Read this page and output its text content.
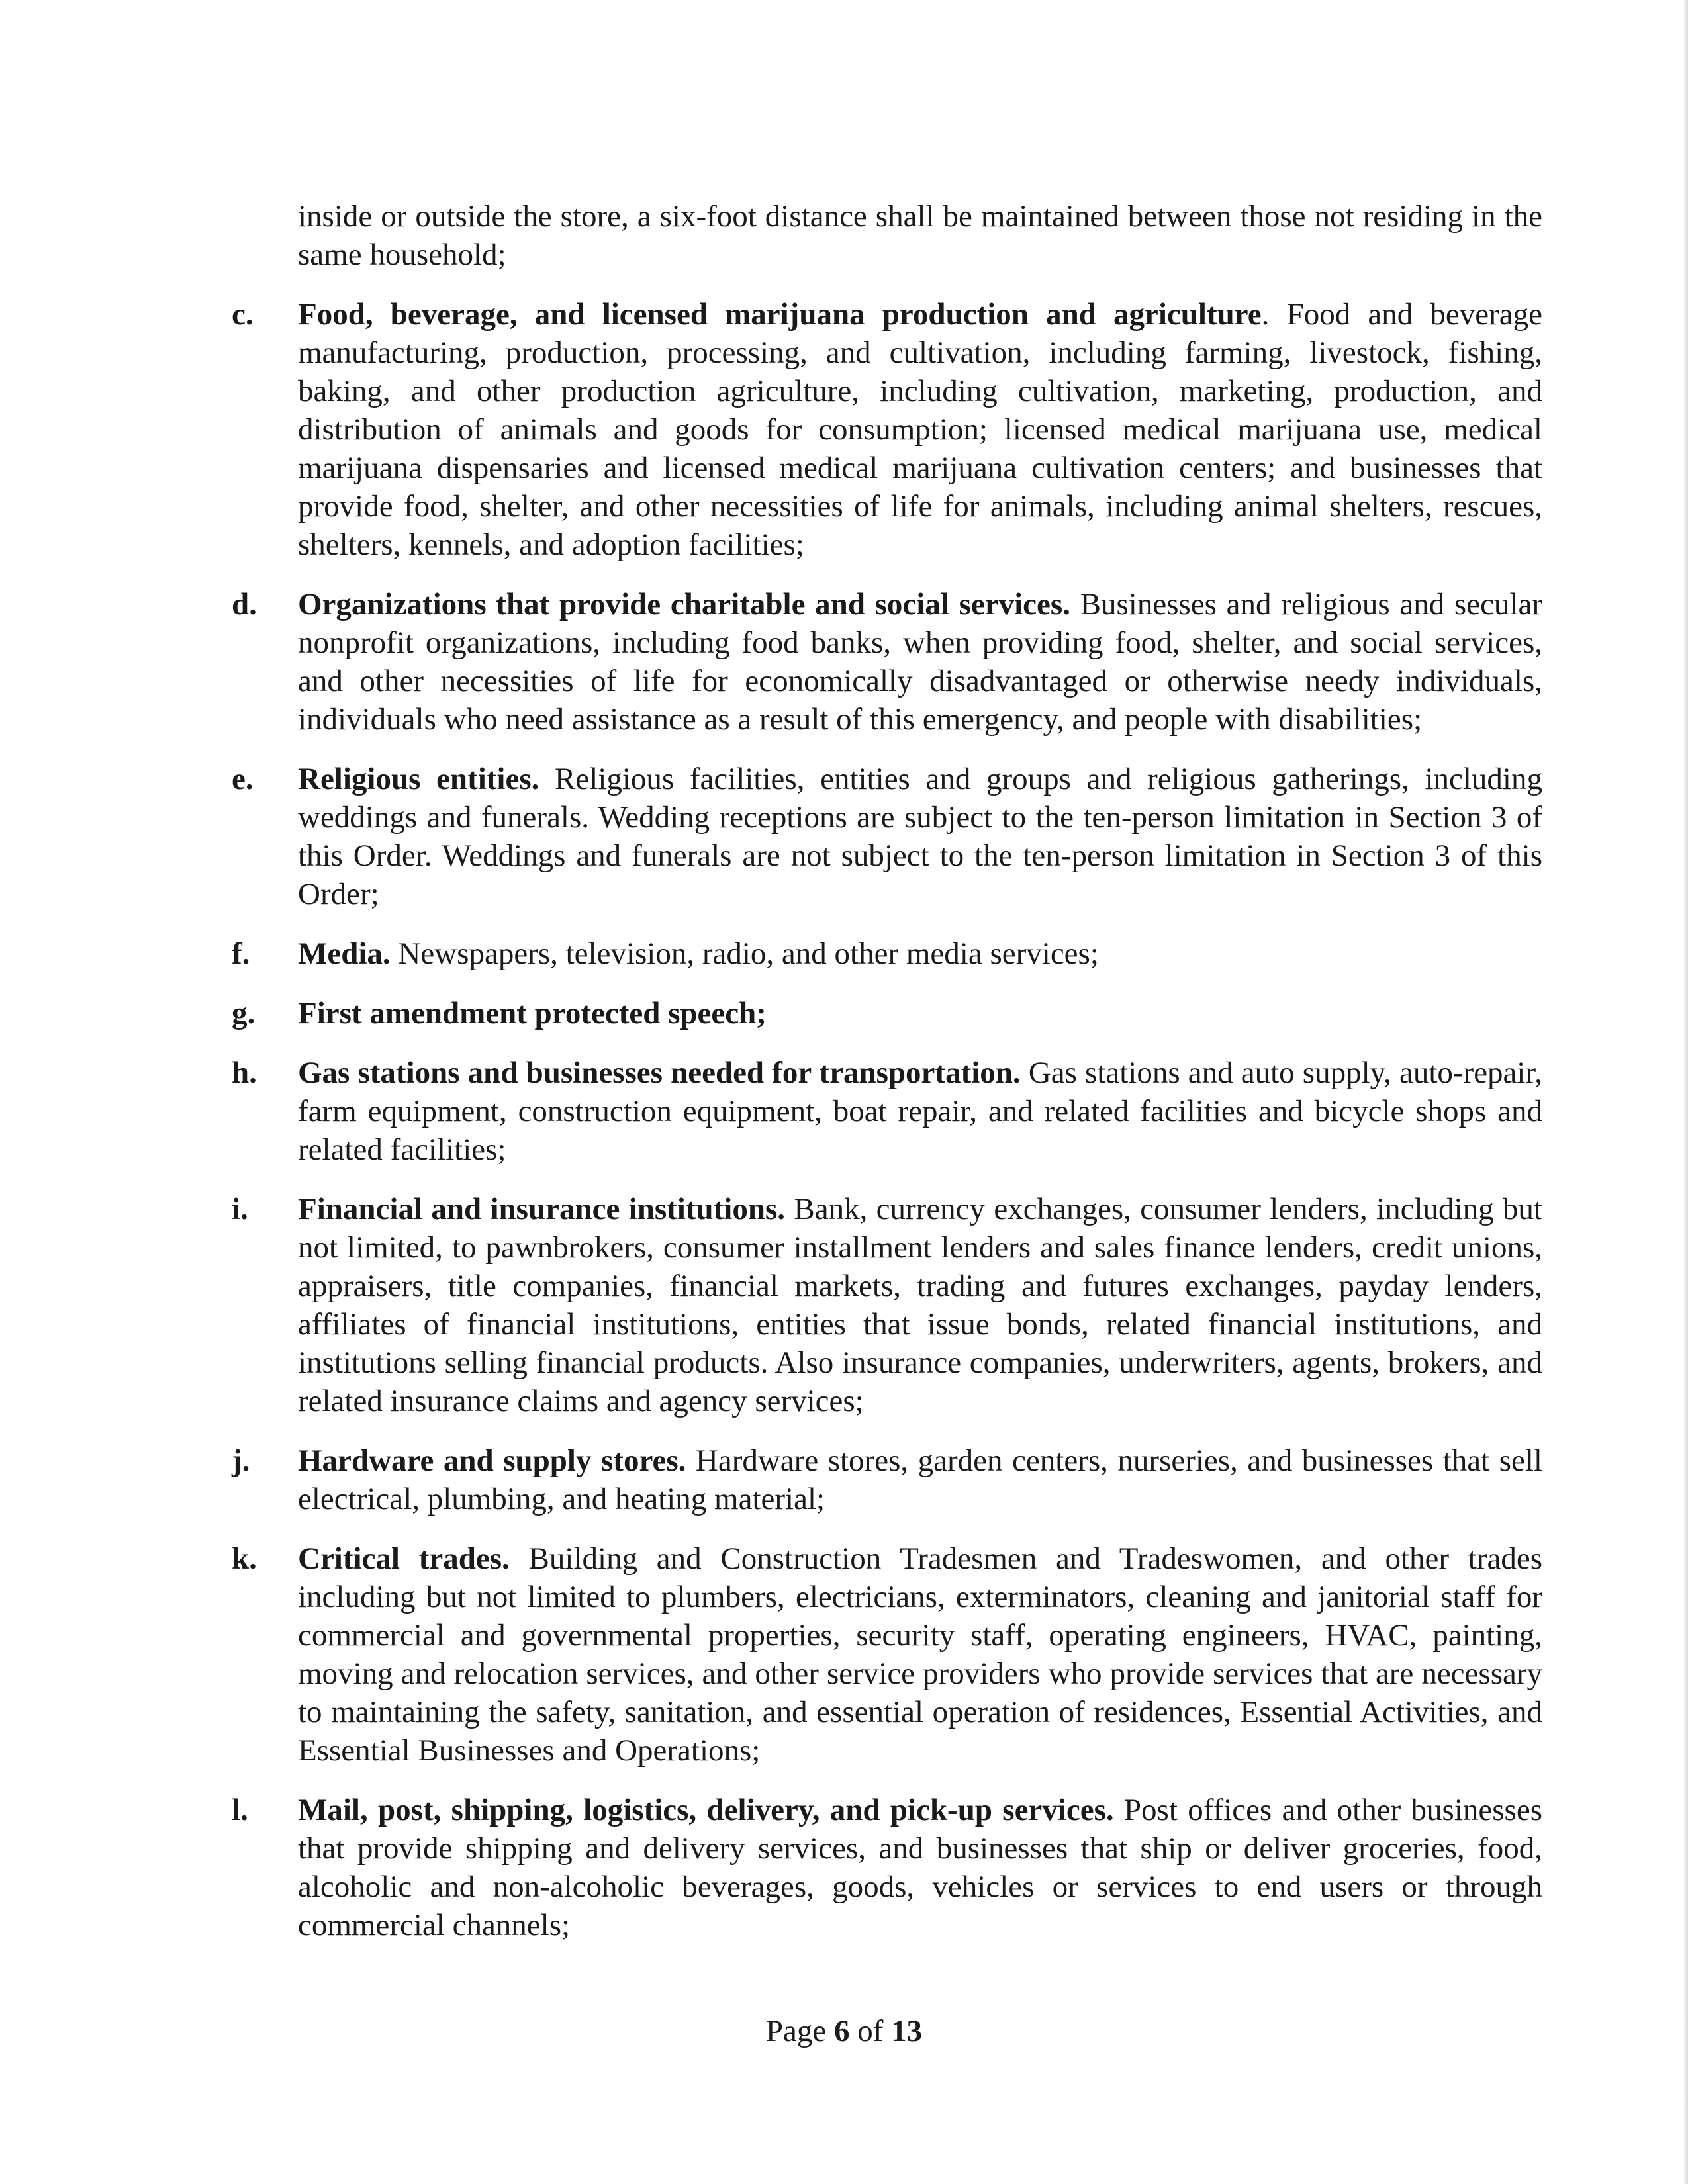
inside or outside the store, a six-foot distance shall be maintained between those not residing in the same household;
c.	Food, beverage, and licensed marijuana production and agriculture. Food and beverage manufacturing, production, processing, and cultivation, including farming, livestock, fishing, baking, and other production agriculture, including cultivation, marketing, production, and distribution of animals and goods for consumption; licensed medical marijuana use, medical marijuana dispensaries and licensed medical marijuana cultivation centers; and businesses that provide food, shelter, and other necessities of life for animals, including animal shelters, rescues, shelters, kennels, and adoption facilities;
d.	Organizations that provide charitable and social services. Businesses and religious and secular nonprofit organizations, including food banks, when providing food, shelter, and social services, and other necessities of life for economically disadvantaged or otherwise needy individuals, individuals who need assistance as a result of this emergency, and people with disabilities;
e.	Religious entities. Religious facilities, entities and groups and religious gatherings, including weddings and funerals. Wedding receptions are subject to the ten-person limitation in Section 3 of this Order. Weddings and funerals are not subject to the ten-person limitation in Section 3 of this Order;
f.	Media. Newspapers, television, radio, and other media services;
g.	First amendment protected speech;
h.	Gas stations and businesses needed for transportation. Gas stations and auto supply, auto-repair, farm equipment, construction equipment, boat repair, and related facilities and bicycle shops and related facilities;
i.	Financial and insurance institutions. Bank, currency exchanges, consumer lenders, including but not limited, to pawnbrokers, consumer installment lenders and sales finance lenders, credit unions, appraisers, title companies, financial markets, trading and futures exchanges, payday lenders, affiliates of financial institutions, entities that issue bonds, related financial institutions, and institutions selling financial products. Also insurance companies, underwriters, agents, brokers, and related insurance claims and agency services;
j.	Hardware and supply stores. Hardware stores, garden centers, nurseries, and businesses that sell electrical, plumbing, and heating material;
k.	Critical trades. Building and Construction Tradesmen and Tradeswomen, and other trades including but not limited to plumbers, electricians, exterminators, cleaning and janitorial staff for commercial and governmental properties, security staff, operating engineers, HVAC, painting, moving and relocation services, and other service providers who provide services that are necessary to maintaining the safety, sanitation, and essential operation of residences, Essential Activities, and Essential Businesses and Operations;
l.	Mail, post, shipping, logistics, delivery, and pick-up services. Post offices and other businesses that provide shipping and delivery services, and businesses that ship or deliver groceries, food, alcoholic and non-alcoholic beverages, goods, vehicles or services to end users or through commercial channels;
Page 6 of 13
